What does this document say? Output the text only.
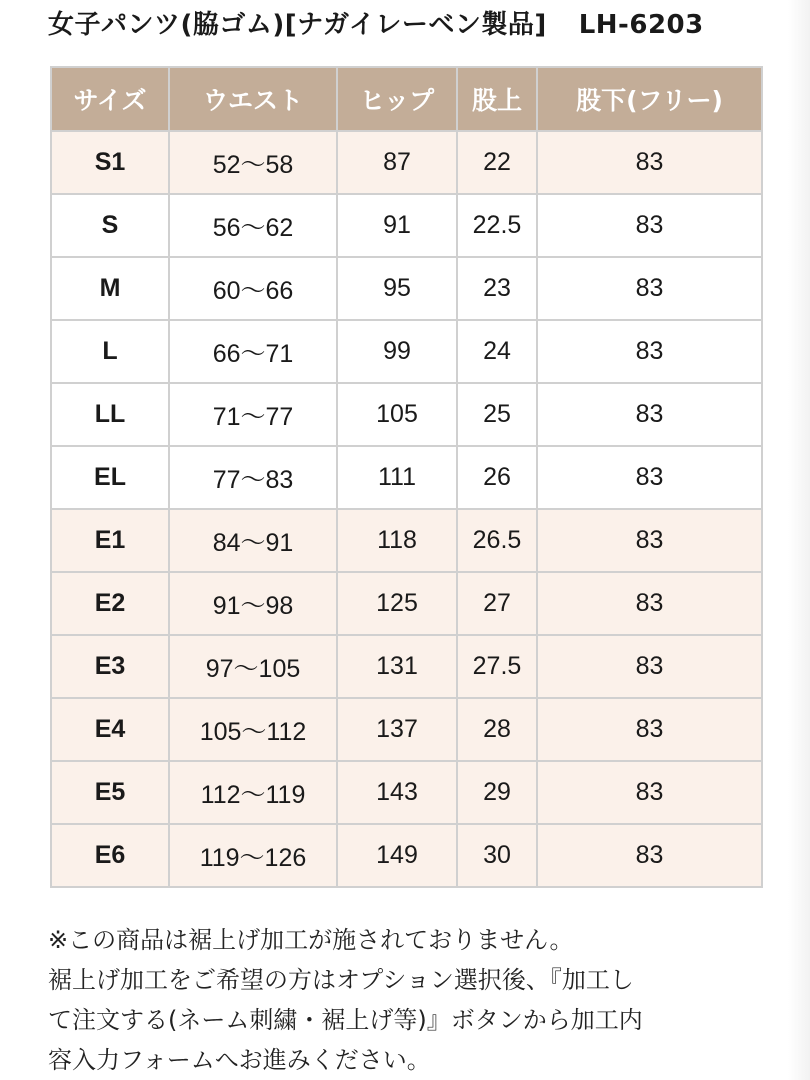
女子パンツ(脇ゴム)[ナガイレーベン製品] LH-6203
サイズ	ウエスト	ヒップ	股上	股下(フリー)
S1	52〜58	87	22	83
S	56〜62	91	22.5	83
M	60〜66	95	23	83
L	66〜71	99	24	83
LL	71〜77	105	25	83
EL	77〜83	111	26	83
E1	84〜91	118	26.5	83
E2	91〜98	125	27	83
E3	97〜105	131	27.5	83
E4	105〜112	137	28	83
E5	112〜119	143	29	83
E6	119〜126	149	30	83

※この商品は裾上げ加工が施されておりません。

裾上げ加工をご希望の方はオプション選択後、『加工し

て注文する(ネーム刺繍・裾上げ等)』ボタンから加工内

容入力フォームへお進みください。
